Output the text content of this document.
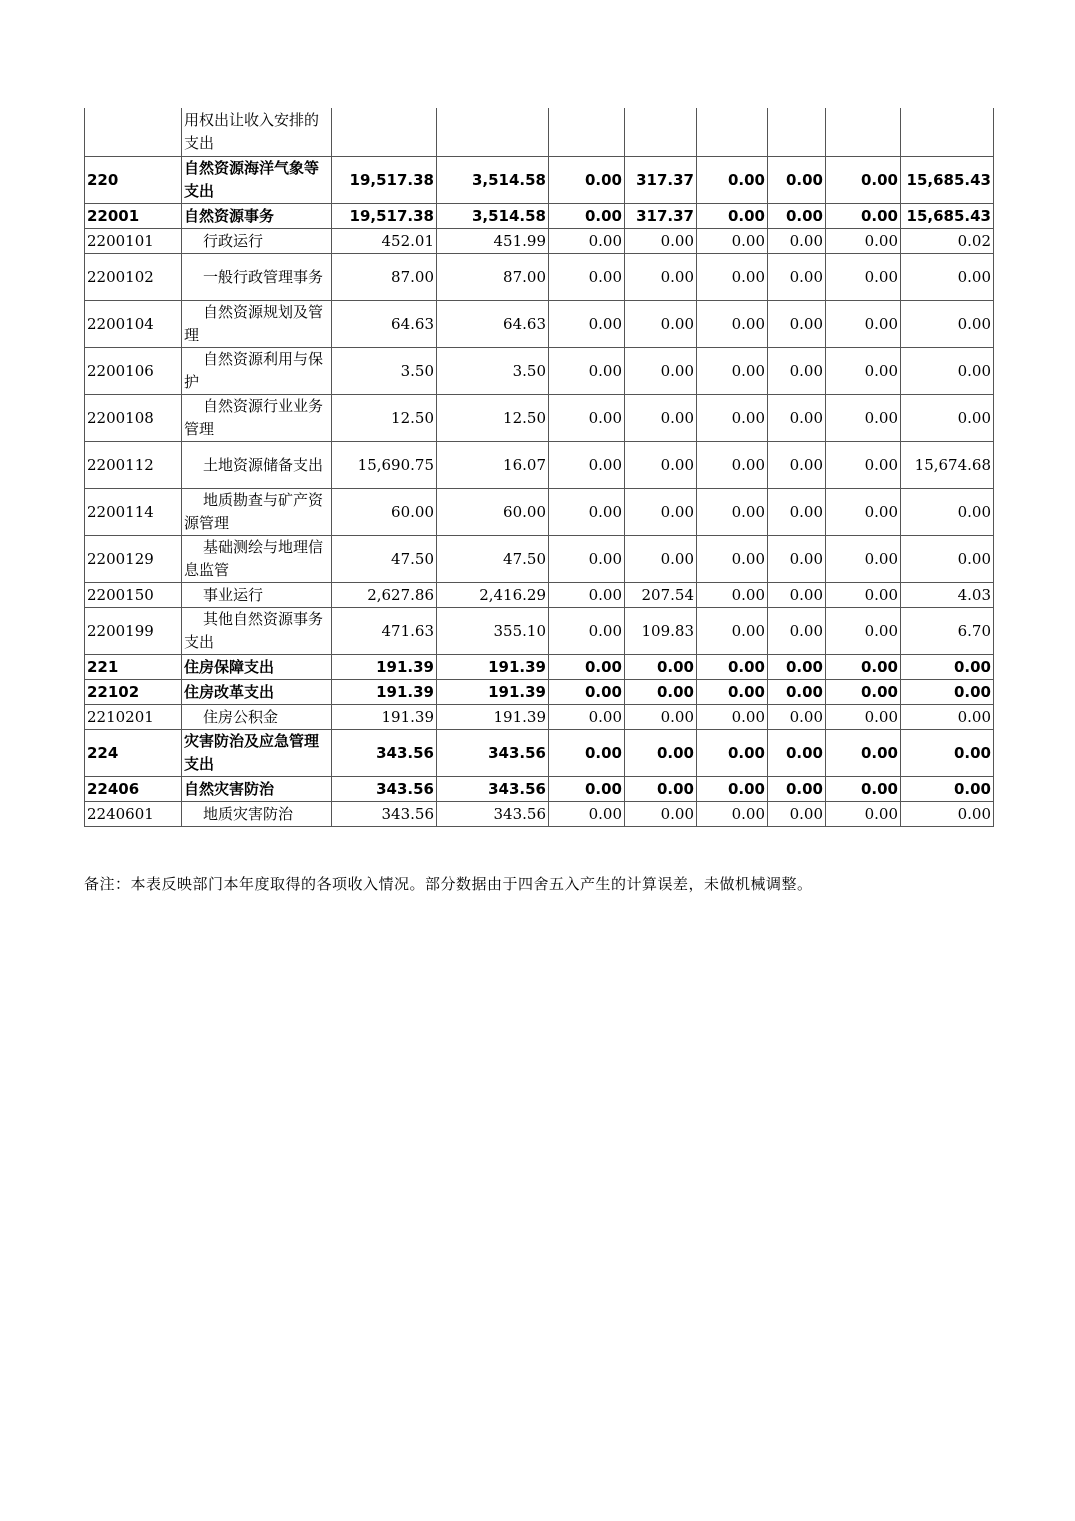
	用权出让收入安排的支出								
220	自然资源海洋气象等支出	19,517.38	3,514.58	0.00	317.37	0.00	0.00	0.00	15,685.43
22001	自然资源事务	19,517.38	3,514.58	0.00	317.37	0.00	0.00	0.00	15,685.43
2200101	行政运行	452.01	451.99	0.00	0.00	0.00	0.00	0.00	0.02
2200102	一般行政管理事务	87.00	87.00	0.00	0.00	0.00	0.00	0.00	0.00
2200104	自然资源规划及管理	64.63	64.63	0.00	0.00	0.00	0.00	0.00	0.00
2200106	自然资源利用与保护	3.50	3.50	0.00	0.00	0.00	0.00	0.00	0.00
2200108	自然资源行业业务管理	12.50	12.50	0.00	0.00	0.00	0.00	0.00	0.00
2200112	土地资源储备支出	15,690.75	16.07	0.00	0.00	0.00	0.00	0.00	15,674.68
2200114	地质勘查与矿产资源管理	60.00	60.00	0.00	0.00	0.00	0.00	0.00	0.00
2200129	基础测绘与地理信息监管	47.50	47.50	0.00	0.00	0.00	0.00	0.00	0.00
2200150	事业运行	2,627.86	2,416.29	0.00	207.54	0.00	0.00	0.00	4.03
2200199	其他自然资源事务支出	471.63	355.10	0.00	109.83	0.00	0.00	0.00	6.70
221	住房保障支出	191.39	191.39	0.00	0.00	0.00	0.00	0.00	0.00
22102	住房改革支出	191.39	191.39	0.00	0.00	0.00	0.00	0.00	0.00
2210201	住房公积金	191.39	191.39	0.00	0.00	0.00	0.00	0.00	0.00
224	灾害防治及应急管理支出	343.56	343.56	0.00	0.00	0.00	0.00	0.00	0.00
22406	自然灾害防治	343.56	343.56	0.00	0.00	0.00	0.00	0.00	0.00
2240601	地质灾害防治	343.56	343.56	0.00	0.00	0.00	0.00	0.00	0.00
备注：本表反映部门本年度取得的各项收入情况。部分数据由于四舍五入产生的计算误差，未做机械调整。
